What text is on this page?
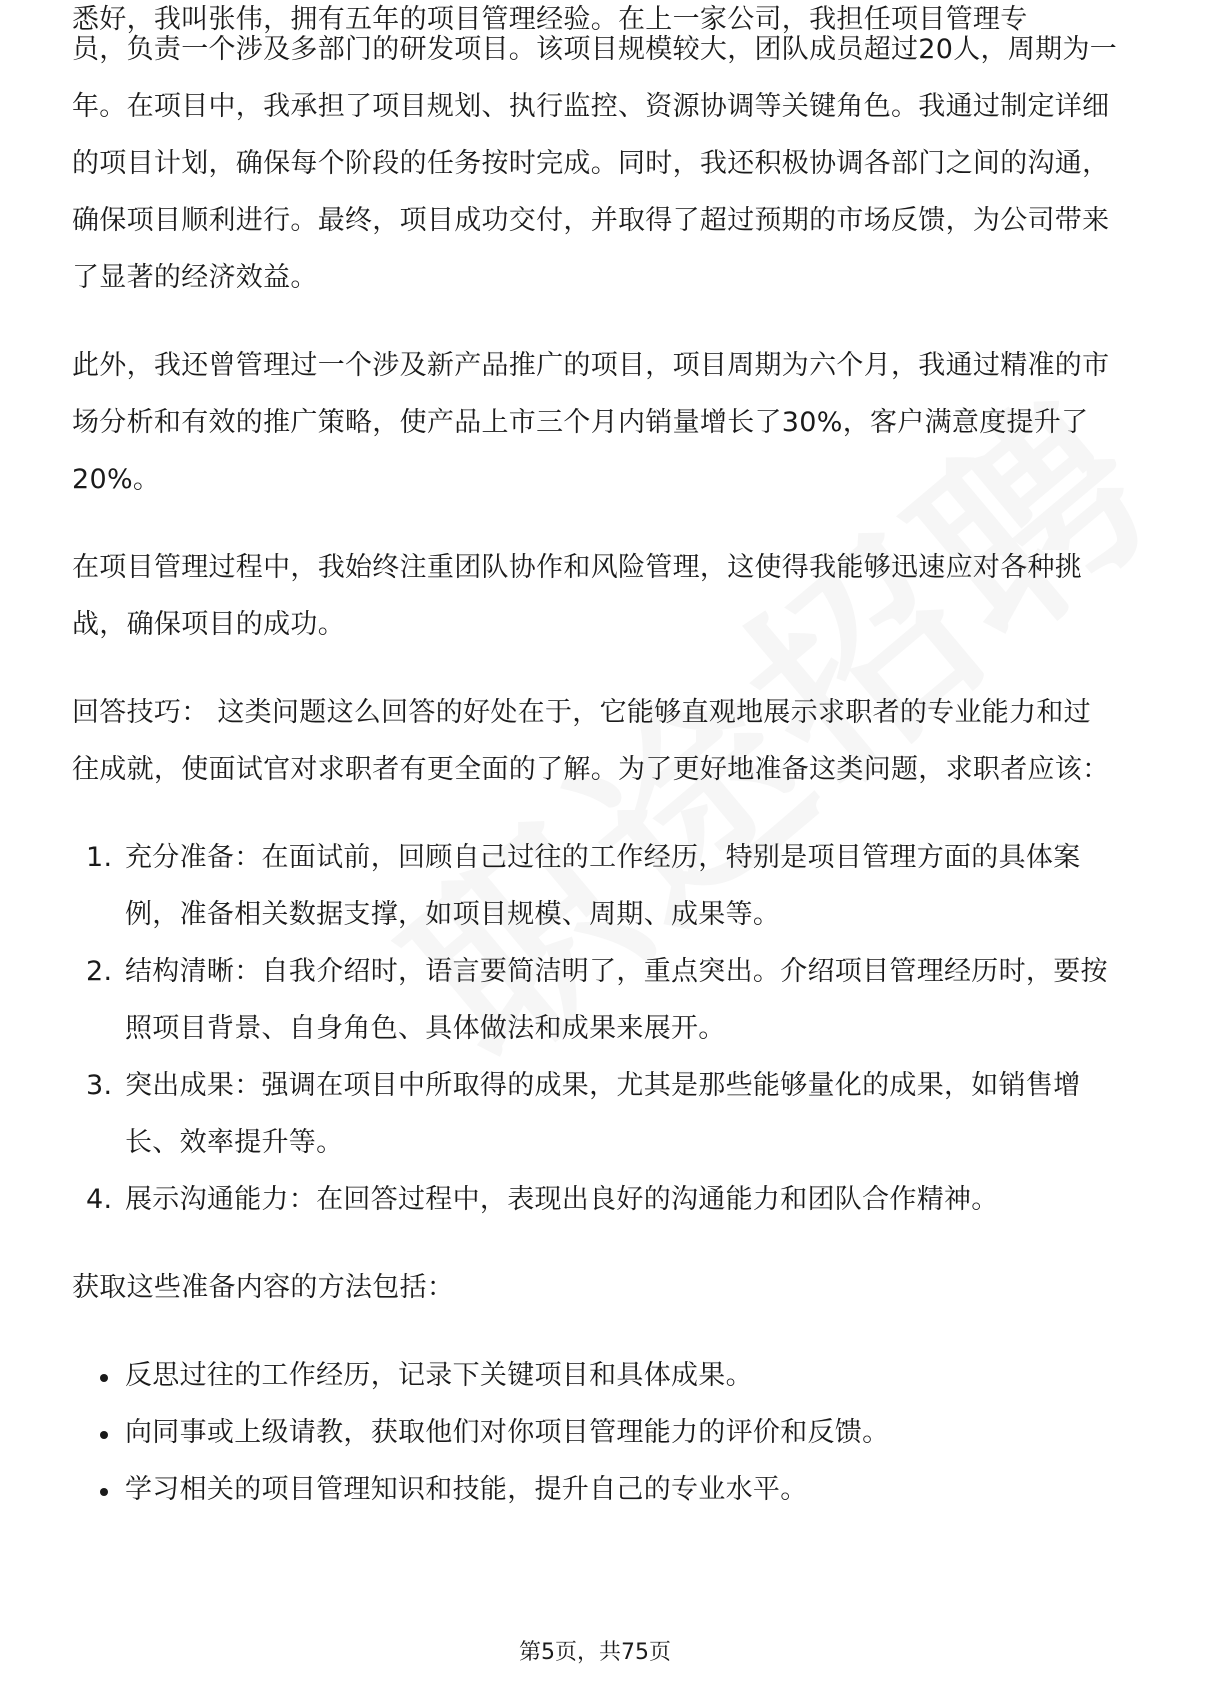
悉好，我叫张伟，拥有五年的项目管理经验。在上一家公司，我担任项目管理专

员，负责一个涉及多部门的研发项目。该项目规模较大，团队成员超过20人，周期为一年。在项目中，我承担了项目规划、执行监控、资源协调等关键角色。我通过制定详细的项目计划，确保每个阶段的任务按时完成。同时，我还积极协调各部门之间的沟通，确保项目顺利进行。最终，项目成功交付，并取得了超过预期的市场反馈，为公司带来了显著的经济效益。

此外，我还曾管理过一个涉及新产品推广的项目，项目周期为六个月，我通过精准的市场分析和有效的推广策略，使产品上市三个月内销量增长了30%，客户满意度提升了20%。

在项目管理过程中，我始终注重团队协作和风险管理，这使得我能够迅速应对各种挑战，确保项目的成功。

回答技巧： 这类问题这么回答的好处在于，它能够直观地展示求职者的专业能力和过往成就，使面试官对求职者有更全面的了解。为了更好地准备这类问题，求职者应该：

1. 充分准备：在面试前，回顾自己过往的工作经历，特别是项目管理方面的具体案例，准备相关数据支撑，如项目规模、周期、成果等。
2. 结构清晰：自我介绍时，语言要简洁明了，重点突出。介绍项目管理经历时，要按照项目背景、自身角色、具体做法和成果来展开。
3. 突出成果：强调在项目中所取得的成果，尤其是那些能够量化的成果，如销售增长、效率提升等。
4. 展示沟通能力：在回答过程中，表现出良好的沟通能力和团队合作精神。

获取这些准备内容的方法包括：

反思过往的工作经历，记录下关键项目和具体成果。
向同事或上级请教，获取他们对你项目管理能力的评价和反馈。
学习相关的项目管理知识和技能，提升自己的专业水平。
第5页，共75页
